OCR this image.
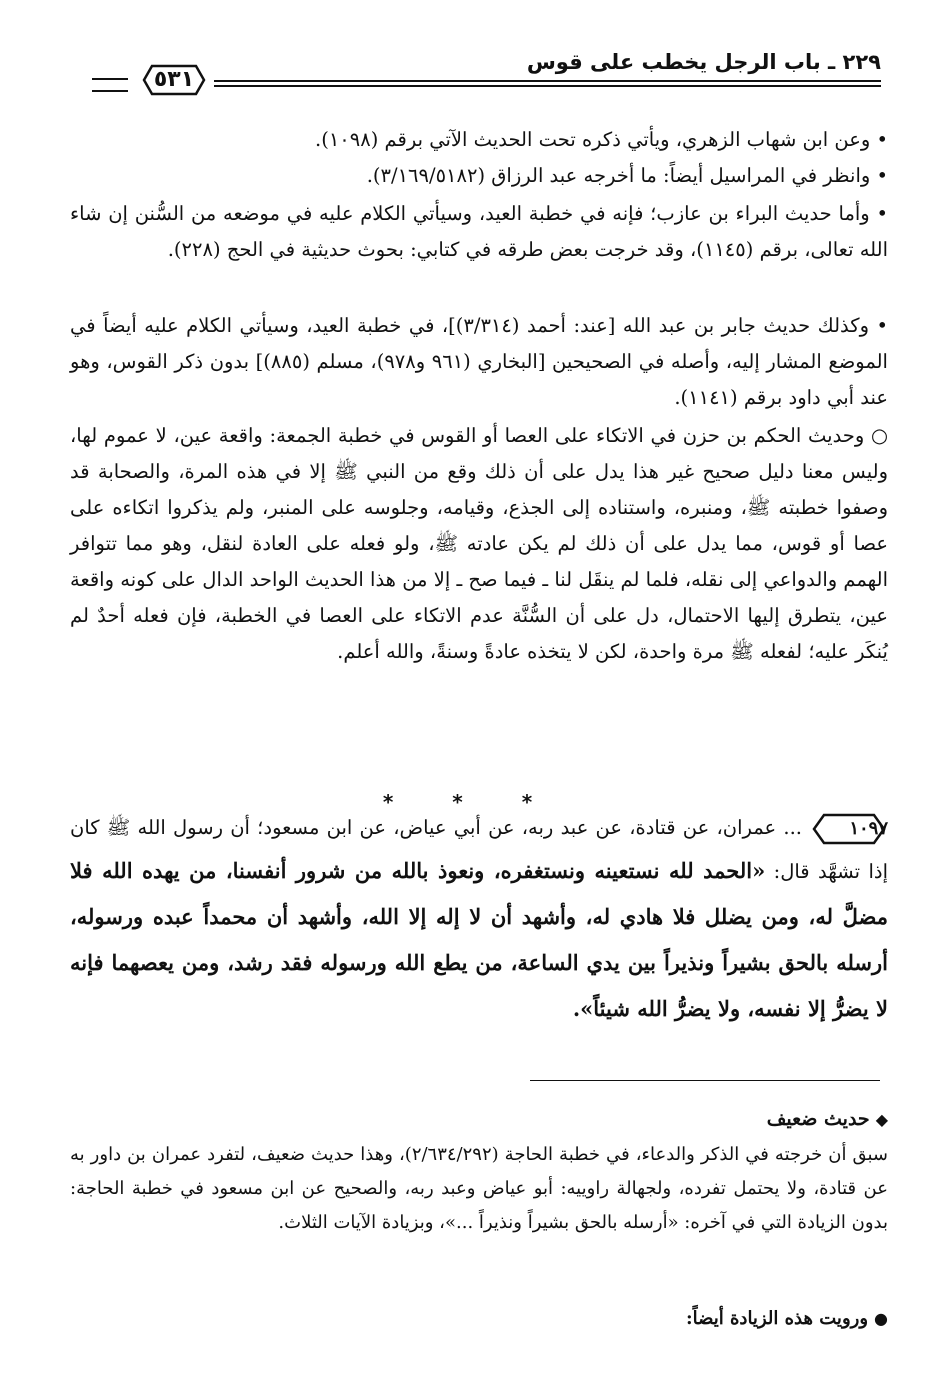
٢٢٩ ـ باب الرجل يخطب على قوس
٥٣١

• وعن ابن شهاب الزهري، ويأتي ذكره تحت الحديث الآتي برقم (١٠٩٨).

• وانظر في المراسيل أيضاً: ما أخرجه عبد الرزاق (٣/١٦٩/٥١٨٢).

• وأما حديث البراء بن عازب؛ فإنه في خطبة العيد، وسيأتي الكلام عليه في موضعه من السُّنن إن شاء الله تعالى، برقم (١١٤٥)، وقد خرجت بعض طرقه في كتابي: بحوث حديثية في الحج (٢٢٨).

• وكذلك حديث جابر بن عبد الله [عند: أحمد (٣/٣١٤)]، في خطبة العيد، وسيأتي الكلام عليه أيضاً في الموضع المشار إليه، وأصله في الصحيحين [البخاري (٩٦١ و٩٧٨)، مسلم (٨٨٥)] بدون ذكر القوس، وهو عند أبي داود برقم (١١٤١).

○ وحديث الحكم بن حزن في الاتكاء على العصا أو القوس في خطبة الجمعة: واقعة عين، لا عموم لها، وليس معنا دليل صحيح غير هذا يدل على أن ذلك وقع من النبي ﷺ إلا في هذه المرة، والصحابة قد وصفوا خطبته ﷺ، ومنبره، واستناده إلى الجذع، وقيامه، وجلوسه على المنبر، ولم يذكروا اتكاءه على عصا أو قوس، مما يدل على أن ذلك لم يكن عادته ﷺ، ولو فعله على العادة لنقل، وهو مما تتوافر الهمم والدواعي إلى نقله، فلما لم ينقَل لنا ـ فيما صح ـ إلا من هذا الحديث الواحد الدال على كونه واقعة عين، يتطرق إليها الاحتمال، دل على أن السُّنَّة عدم الاتكاء على العصا في الخطبة، فإن فعله أحدٌ لم يُنكَر عليه؛ لفعله ﷺ مرة واحدة، لكن لا يتخذه عادةً وسنةً، والله أعلم.

* * *
١٠٩٧... عمران، عن قتادة، عن عبد ربه، عن أبي عياض، عن ابن مسعود؛ أن رسول الله ﷺ كان إذا تشهَّد قال: «الحمد لله نستعينه ونستغفره، ونعوذ بالله من شرور أنفسنا، من يهده الله فلا مضلَّ له، ومن يضلل فلا هادي له، وأشهد أن لا إله إلا الله، وأشهد أن محمداً عبده ورسوله، أرسله بالحق بشيراً ونذيراً بين يدي الساعة، من يطع الله ورسوله فقد رشد، ومن يعصهما فإنه لا يضرُّ إلا نفسه، ولا يضرُّ الله شيئاً».
◆حديث ضعيف
سبق أن خرجته في الذكر والدعاء، في خطبة الحاجة (٢/٦٣٤/٢٩٢)، وهذا حديث ضعيف، لتفرد عمران بن داور به عن قتادة، ولا يحتمل تفرده، ولجهالة راوييه: أبو عياض وعبد ربه، والصحيح عن ابن مسعود في خطبة الحاجة: بدون الزيادة التي في آخره: «أرسله بالحق بشيراً ونذيراً ...»، وبزيادة الآيات الثلاث.
●ورويت هذه الزيادة أيضاً:
